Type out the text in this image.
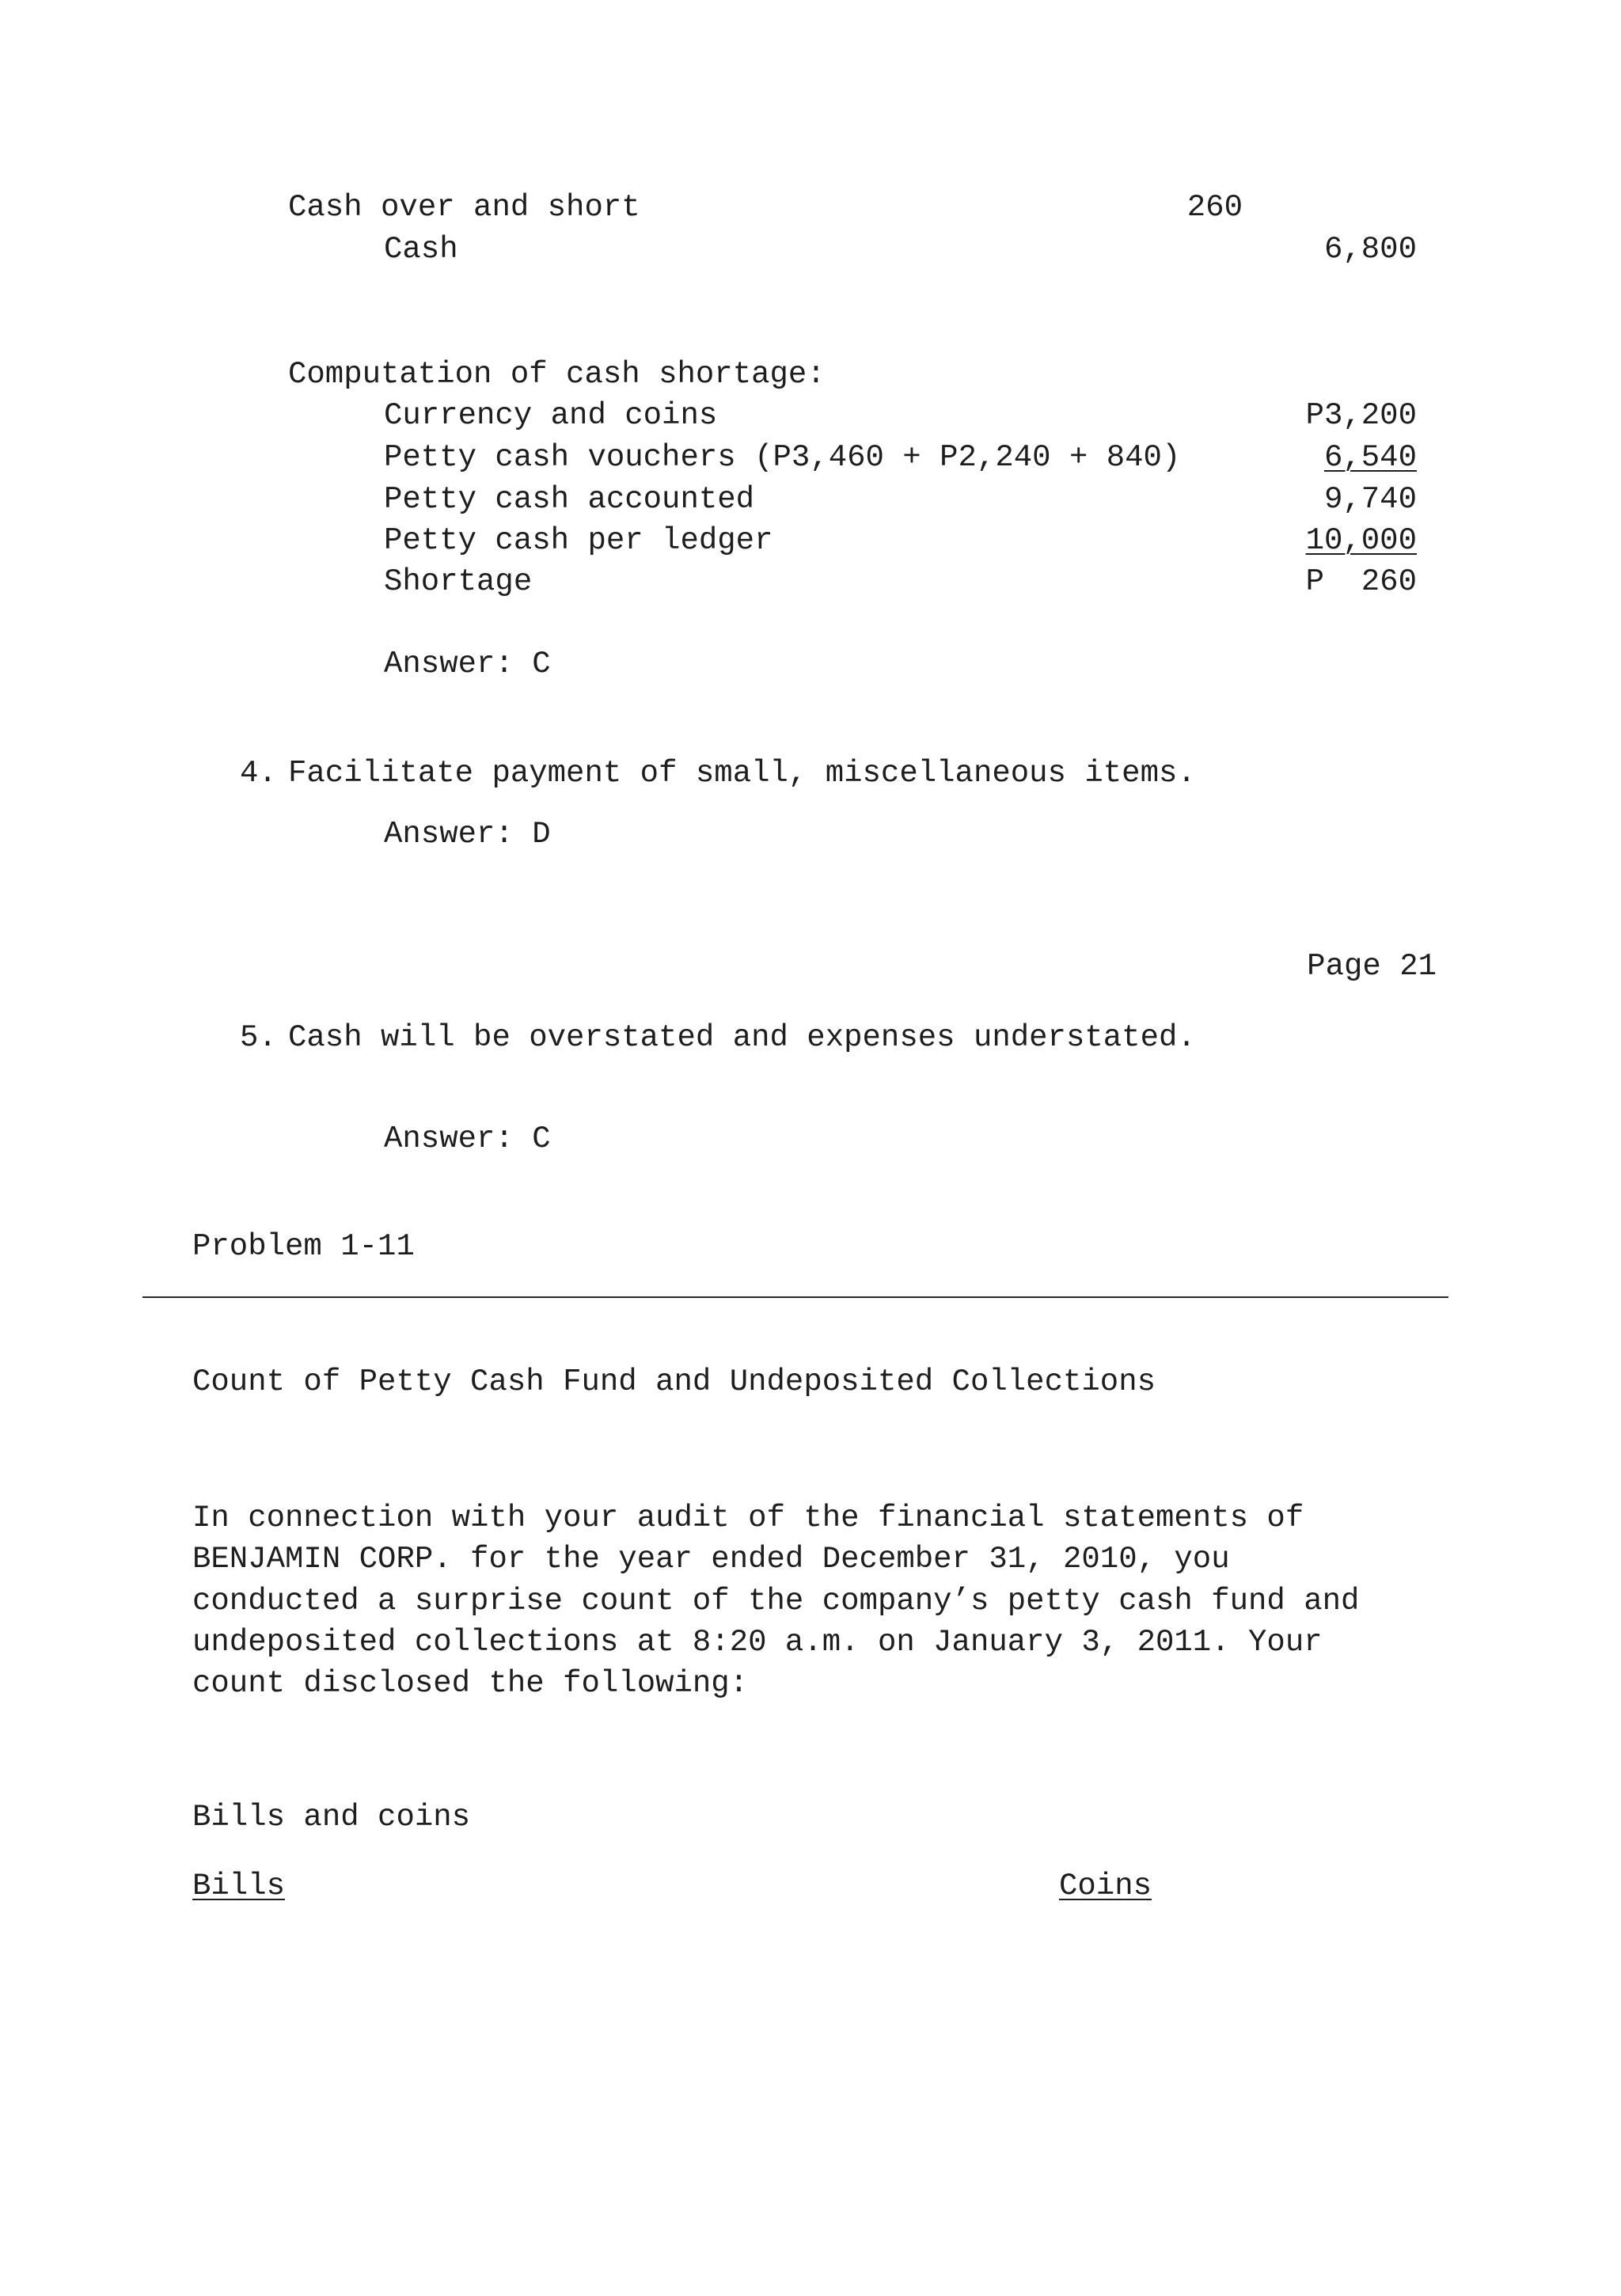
Cash over and short	260
Cash	6,800
Computation of cash shortage:
Currency and coins	P3,200
Petty cash vouchers (P3,460 + P2,240 + 840)	6,540
Petty cash accounted	9,740
Petty cash per ledger	10,000
Shortage	P  260
Answer: C
4. Facilitate payment of small, miscellaneous items.
Answer: D
Page 21
5. Cash will be overstated and expenses understated.
Answer: C
Problem 1-11
Count of Petty Cash Fund and Undeposited Collections
In connection with your audit of the financial statements of
BENJAMIN CORP. for the year ended December 31, 2010, you
conducted a surprise count of the company’s petty cash fund and
undeposited collections at 8:20 a.m. on January 3, 2011. Your
count disclosed the following:
Bills and coins
Bills	Coins
